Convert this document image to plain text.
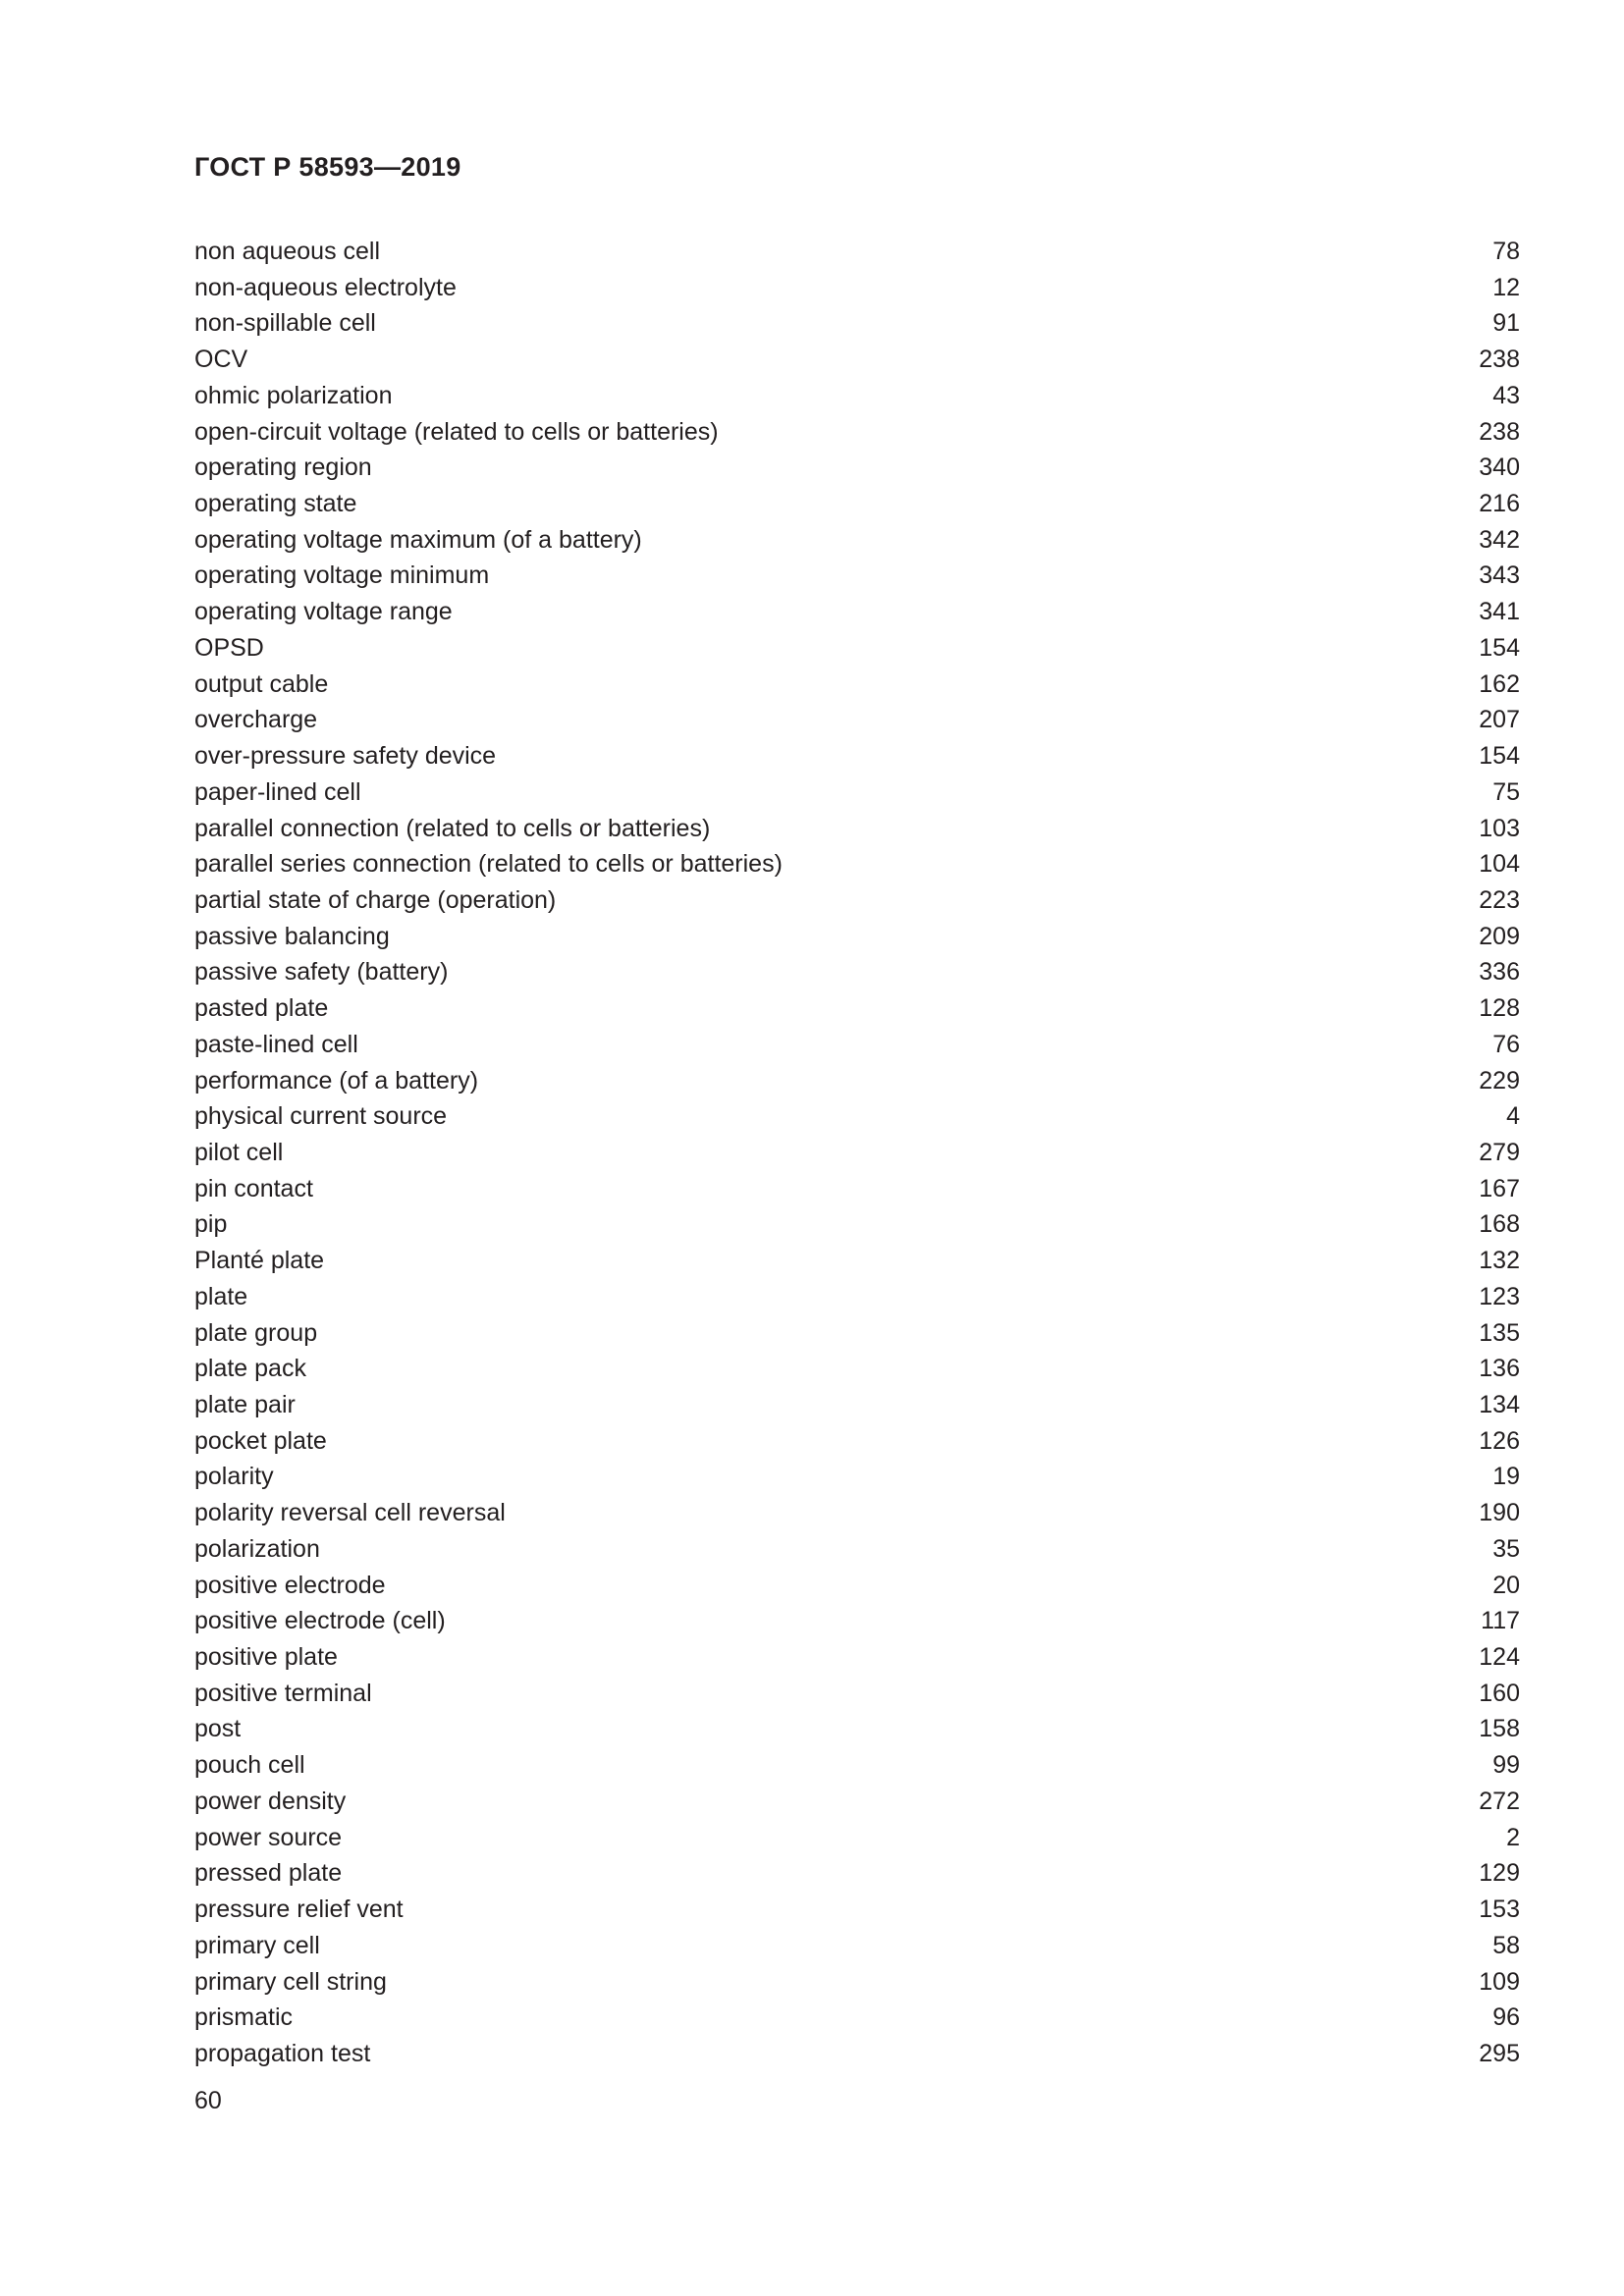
ГОСТ Р 58593—2019
non aqueous cell	78
non-aqueous electrolyte	12
non-spillable cell	91
OCV	238
ohmic polarization	43
open-circuit voltage (related to cells or batteries)	238
operating region	340
operating state	216
operating voltage maximum (of a battery)	342
operating voltage minimum	343
operating voltage range	341
OPSD	154
output cable	162
overcharge	207
over-pressure safety device	154
paper-lined cell	75
parallel connection (related to cells or batteries)	103
parallel series connection (related to cells or batteries)	104
partial state of charge (operation)	223
passive balancing	209
passive safety (battery)	336
pasted plate	128
paste-lined cell	76
performance (of a battery)	229
physical current source	4
pilot cell	279
pin contact	167
pip	168
Planté plate	132
plate	123
plate group	135
plate pack	136
plate pair	134
pocket plate	126
polarity	19
polarity reversal cell reversal	190
polarization	35
positive electrode	20
positive electrode (cell)	117
positive plate	124
positive terminal	160
post	158
pouch cell	99
power density	272
power source	2
pressed plate	129
pressure relief vent	153
primary cell	58
primary cell string	109
prismatic	96
propagation test	295
60
